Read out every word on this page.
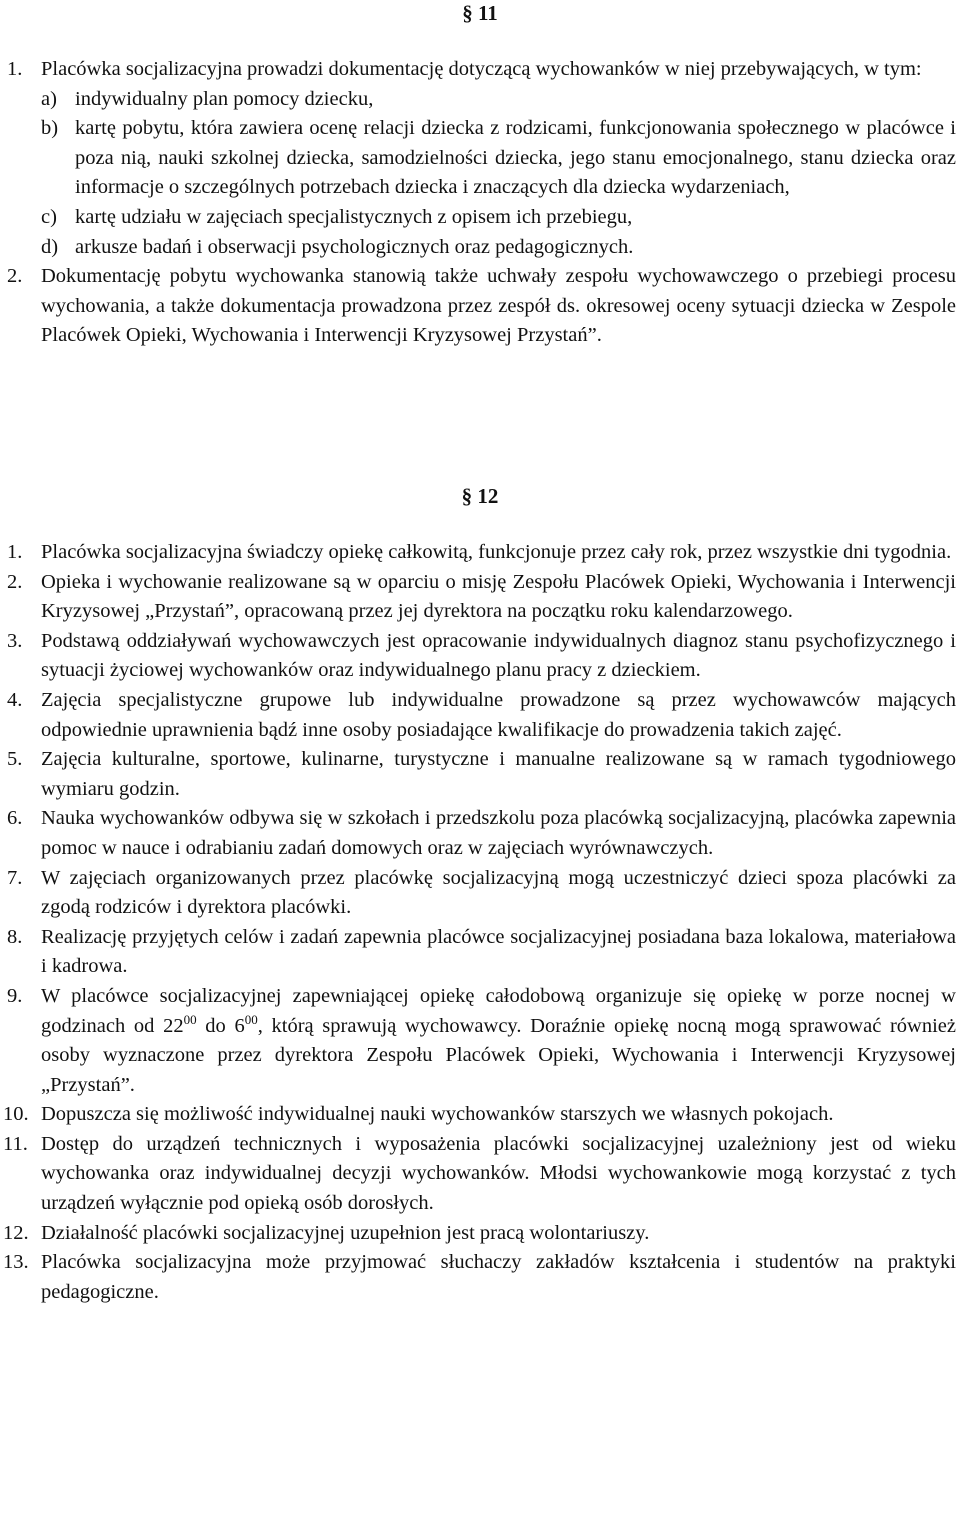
§ 11
1. Placówka socjalizacyjna prowadzi dokumentację dotyczącą wychowanków w niej przebywających, w tym:
a) indywidualny plan pomocy dziecku,
b) kartę pobytu, która zawiera ocenę relacji dziecka z rodzicami, funkcjonowania społecznego w placówce i poza nią, nauki szkolnej dziecka, samodzielności dziecka, jego stanu emocjonalnego, stanu dziecka oraz informacje o szczególnych potrzebach dziecka i znaczących dla dziecka wydarzeniach,
c) kartę udziału w zajęciach specjalistycznych z opisem ich przebiegu,
d) arkusze badań i obserwacji psychologicznych oraz pedagogicznych.
2. Dokumentację pobytu wychowanka stanowią także uchwały zespołu wychowawczego o przebiegi procesu wychowania, a także dokumentacja prowadzona przez zespół ds. okresowej oceny sytuacji dziecka w Zespole Placówek Opieki, Wychowania i Interwencji Kryzysowej Przystań”.
§ 12
1. Placówka socjalizacyjna świadczy opiekę całkowitą, funkcjonuje przez cały rok, przez wszystkie dni tygodnia.
2. Opieka i wychowanie realizowane są w oparciu o misję Zespołu Placówek Opieki, Wychowania i Interwencji Kryzysowej „Przystań”, opracowaną przez jej dyrektora na początku roku kalendarzowego.
3. Podstawą oddziaływań wychowawczych jest opracowanie indywidualnych diagnoz stanu psychofizycznego i sytuacji życiowej wychowanków oraz indywidualnego planu pracy z dzieckiem.
4. Zajęcia specjalistyczne grupowe lub indywidualne prowadzone są przez wychowawców mających odpowiednie uprawnienia bądź inne osoby posiadające kwalifikacje do prowadzenia takich zajęć.
5. Zajęcia kulturalne, sportowe, kulinarne, turystyczne i manualne realizowane są w ramach tygodniowego wymiaru godzin.
6. Nauka wychowanków odbywa się w szkołach i przedszkolu poza placówką socjalizacyjną, placówka zapewnia pomoc w nauce i odrabianiu zadań domowych oraz w zajęciach wyrównawczych.
7. W zajęciach organizowanych przez placówkę socjalizacyjną mogą uczestniczyć dzieci spoza placówki za zgodą rodziców i dyrektora placówki.
8. Realizację przyjętych celów i zadań zapewnia placówce socjalizacyjnej posiadana baza lokalowa, materiałowa i kadrowa.
9. W placówce socjalizacyjnej zapewniającej opiekę całodobową organizuje się opiekę w porze nocnej w godzinach od $22^{00}$ do $6^{00}$, którą sprawują wychowawcy. Doraźnie opiekę nocną mogą sprawować również osoby wyznaczone przez dyrektora Zespołu Placówek Opieki, Wychowania i Interwencji Kryzysowej „Przystań”.
10. Dopuszcza się możliwość indywidualnej nauki wychowanków starszych we własnych pokojach.
11. Dostęp do urządzeń technicznych i wyposażenia placówki socjalizacyjnej uzależniony jest od wieku wychowanka oraz indywidualnej decyzji wychowanków. Młodsi wychowankowie mogą korzystać z tych urządzeń wyłącznie pod opieką osób dorosłych.
12. Działalność placówki socjalizacyjnej uzupełnion jest pracą wolontariuszy.
13. Placówka socjalizacyjna może przyjmować słuchaczy zakładów kształcenia i studentów na praktyki pedagogiczne.
